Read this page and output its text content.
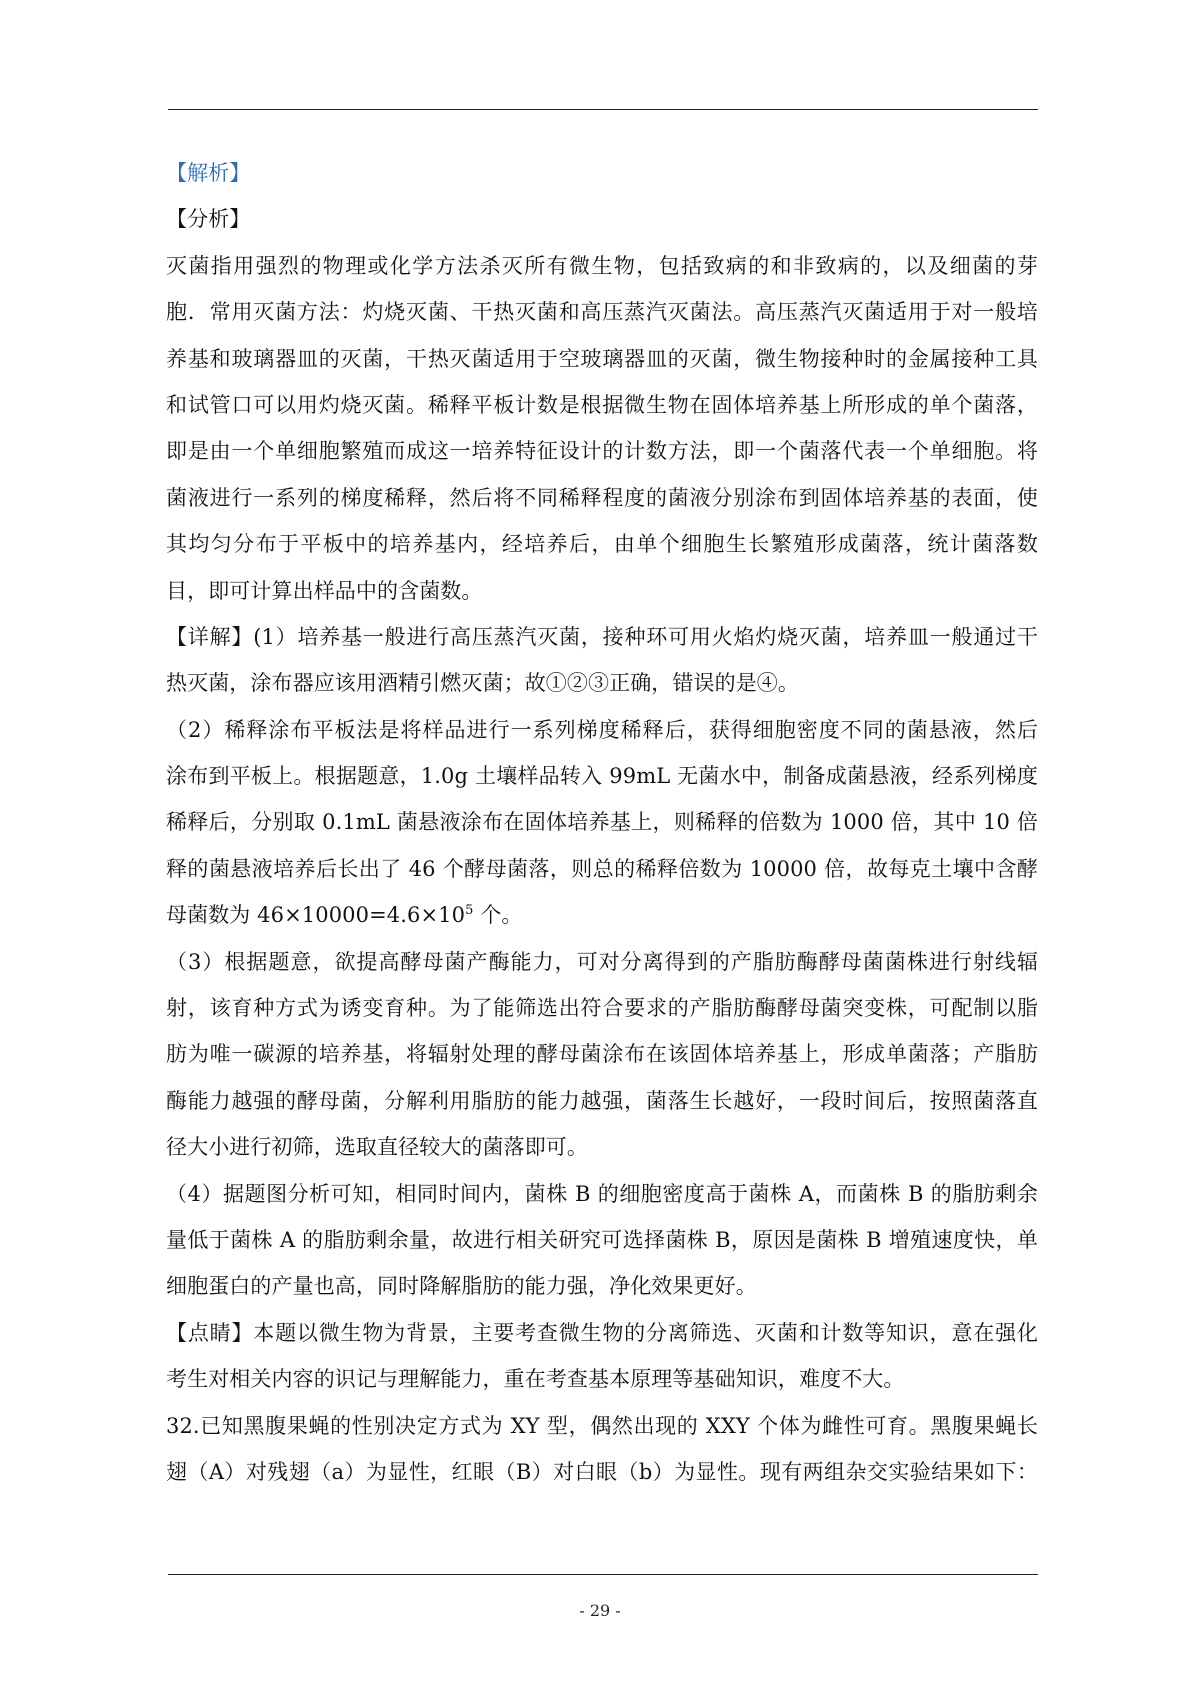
【解析】
【分析】
灭菌指用强烈的物理或化学方法杀灭所有微生物，包括致病的和非致病的，以及细菌的芽
胞．常用灭菌方法：灼烧灭菌、干热灭菌和高压蒸汽灭菌法。高压蒸汽灭菌适用于对一般培
养基和玻璃器皿的灭菌，干热灭菌适用于空玻璃器皿的灭菌，微生物接种时的金属接种工具
和试管口可以用灼烧灭菌。稀释平板计数是根据微生物在固体培养基上所形成的单个菌落，
即是由一个单细胞繁殖而成这一培养特征设计的计数方法，即一个菌落代表一个单细胞。将
菌液进行一系列的梯度稀释，然后将不同稀释程度的菌液分别涂布到固体培养基的表面，使
其均匀分布于平板中的培养基内，经培养后，由单个细胞生长繁殖形成菌落，统计菌落数
目，即可计算出样品中的含菌数。
【详解】(1）培养基一般进行高压蒸汽灭菌，接种环可用火焰灼烧灭菌，培养皿一般通过干
热灭菌，涂布器应该用酒精引燃灭菌；故①②③正确，错误的是④。
（2）稀释涂布平板法是将样品进行一系列梯度稀释后，获得细胞密度不同的菌悬液，然后
涂布到平板上。根据题意，1.0g 土壤样品转入 99mL 无菌水中，制备成菌悬液，经系列梯度
稀释后，分别取 0.1mL 菌悬液涂布在固体培养基上，则稀释的倍数为 1000 倍，其中 10 倍
释的菌悬液培养后长出了 46 个酵母菌落，则总的稀释倍数为 10000 倍，故每克土壤中含酵
母菌数为 $46\times 10000=4.6\times 10^5$ 个。
（3）根据题意，欲提高酵母菌产酶能力，可对分离得到的产脂肪酶酵母菌菌株进行射线辐
射，该育种方式为诱变育种。为了能筛选出符合要求的产脂肪酶酵母菌突变株，可配制以脂
肪为唯一碳源的培养基，将辐射处理的酵母菌涂布在该固体培养基上，形成单菌落；产脂肪
酶能力越强的酵母菌，分解利用脂肪的能力越强，菌落生长越好，一段时间后，按照菌落直
径大小进行初筛，选取直径较大的菌落即可。
（4）据题图分析可知，相同时间内，菌株 B 的细胞密度高于菌株 A，而菌株 B 的脂肪剩余
量低于菌株 A 的脂肪剩余量，故进行相关研究可选择菌株 B，原因是菌株 B 增殖速度快，单
细胞蛋白的产量也高，同时降解脂肪的能力强，净化效果更好。
【点睛】本题以微生物为背景，主要考查微生物的分离筛选、灭菌和计数等知识，意在强化
考生对相关内容的识记与理解能力，重在考查基本原理等基础知识，难度不大。
32.已知黑腹果蝇的性别决定方式为 XY 型，偶然出现的 XXY 个体为雌性可育。黑腹果蝇长
翅（A）对残翅（a）为显性，红眼（B）对白眼（b）为显性。现有两组杂交实验结果如下：
- 29 -
